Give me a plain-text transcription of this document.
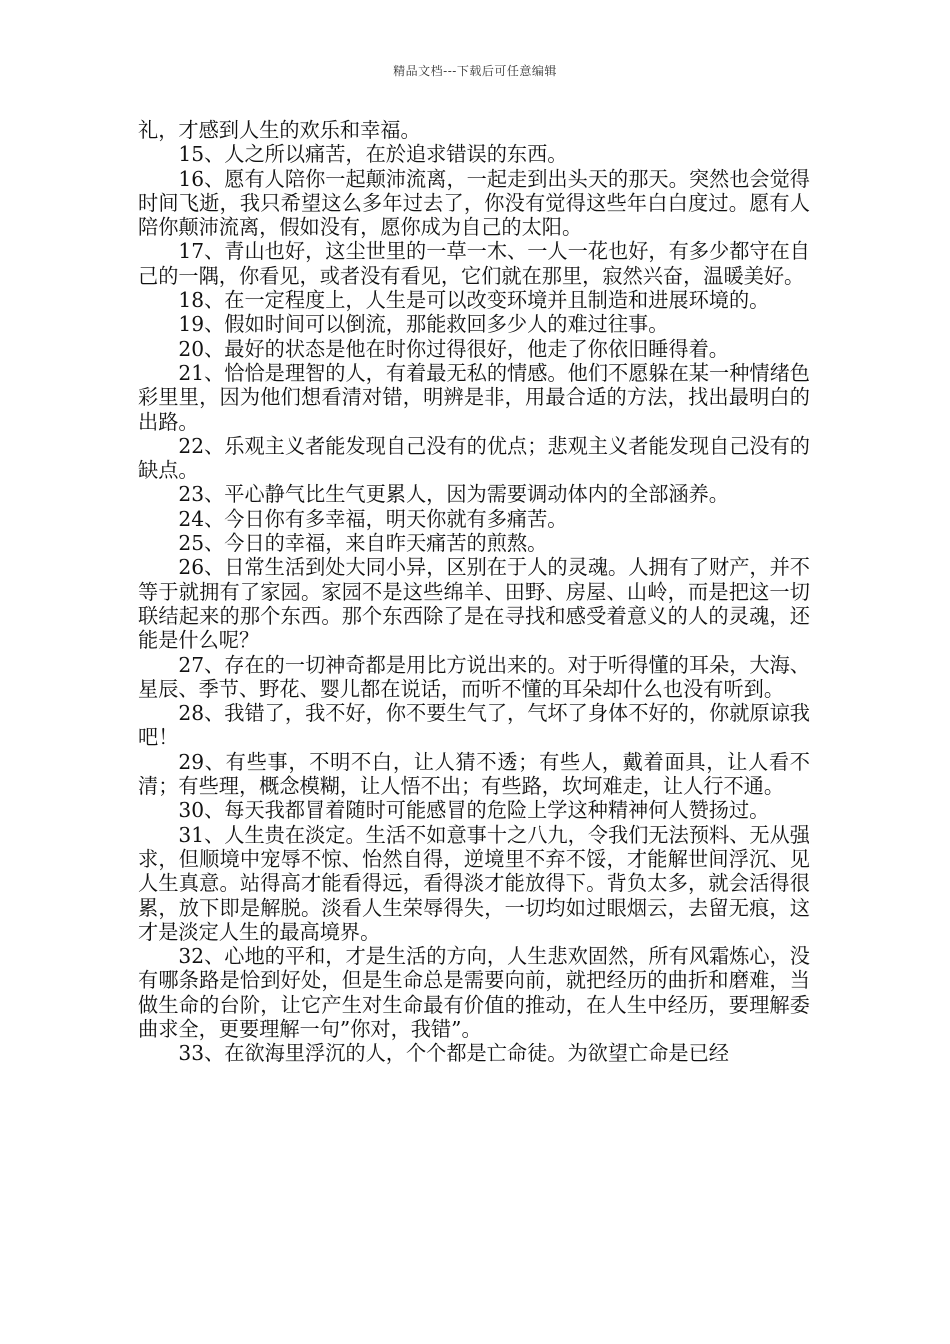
精品文档---下载后可任意编辑

礼，才感到人生的欢乐和幸福。

15、人之所以痛苦，在於追求错误的东西。

16、愿有人陪你一起颠沛流离，一起走到出头天的那天。突然也会觉得时间飞逝，我只希望这么多年过去了，你没有觉得这些年白白度过。愿有人陪你颠沛流离，假如没有，愿你成为自己的太阳。

17、青山也好，这尘世里的一草一木、一人一花也好，有多少都守在自己的一隅，你看见，或者没有看见，它们就在那里，寂然兴奋，温暖美好。

18、在一定程度上，人生是可以改变环境并且制造和进展环境的。

19、假如时间可以倒流，那能救回多少人的难过往事。

20、最好的状态是他在时你过得很好，他走了你依旧睡得着。

21、恰恰是理智的人，有着最无私的情感。他们不愿躲在某一种情绪色彩里里，因为他们想看清对错，明辨是非，用最合适的方法，找出最明白的出路。

22、乐观主义者能发现自己没有的优点；悲观主义者能发现自己没有的缺点。

23、平心静气比生气更累人，因为需要调动体内的全部涵养。

24、今日你有多幸福，明天你就有多痛苦。

25、今日的幸福，来自昨天痛苦的煎熬。

26、日常生活到处大同小异，区别在于人的灵魂。人拥有了财产，并不等于就拥有了家园。家园不是这些绵羊、田野、房屋、山岭，而是把这一切联结起来的那个东西。那个东西除了是在寻找和感受着意义的人的灵魂，还能是什么呢？

27、存在的一切神奇都是用比方说出来的。对于听得懂的耳朵，大海、星辰、季节、野花、婴儿都在说话，而听不懂的耳朵却什么也没有听到。

28、我错了，我不好，你不要生气了，气坏了身体不好的，你就原谅我吧！

29、有些事，不明不白，让人猜不透；有些人，戴着面具，让人看不清；有些理，概念模糊，让人悟不出；有些路，坎坷难走，让人行不通。

30、每天我都冒着随时可能感冒的危险上学这种精神何人赞扬过。

31、人生贵在淡定。生活不如意事十之八九，令我们无法预料、无从强求，但顺境中宠辱不惊、怡然自得，逆境里不弃不馁，才能解世间浮沉、见人生真意。站得高才能看得远，看得淡才能放得下。背负太多，就会活得很累，放下即是解脱。淡看人生荣辱得失，一切均如过眼烟云，去留无痕，这才是淡定人生的最高境界。

32、心地的平和，才是生活的方向，人生悲欢固然，所有风霜炼心，没有哪条路是恰到好处，但是生命总是需要向前，就把经历的曲折和磨难，当做生命的台阶，让它产生对生命最有价值的推动，在人生中经历，要理解委曲求全，更要理解一句”你对，我错”。

33、在欲海里浮沉的人，个个都是亡命徒。为欲望亡命是已经
